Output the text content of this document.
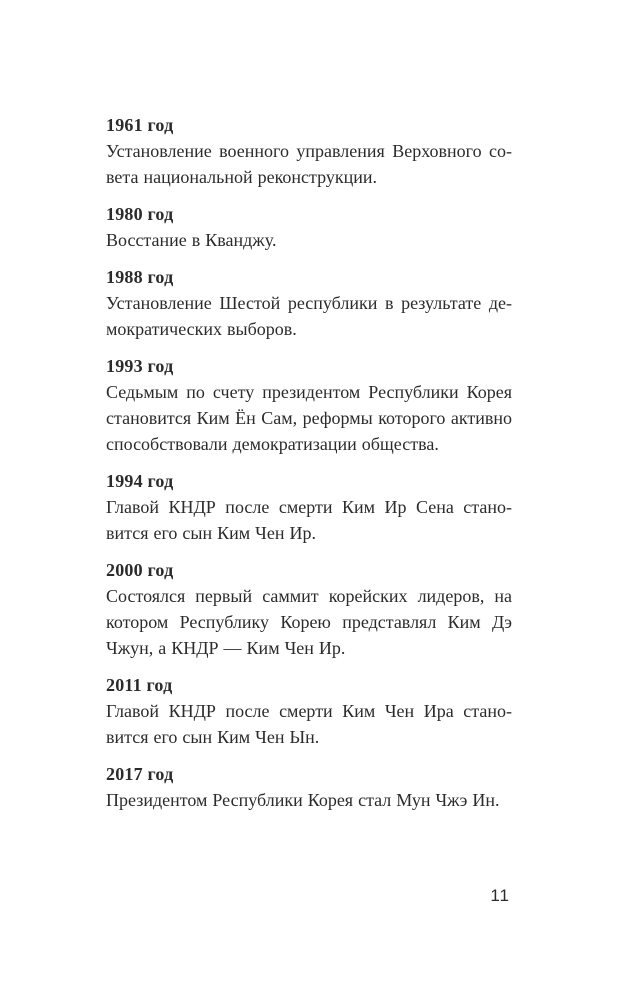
1961 год

Установление военного управления Верховного совета национальной реконструкции.

1980 год

Восстание в Кванджу.

1988 год

Установление Шестой республики в результате демократических выборов.

1993 год

Седьмым по счету президентом Республики Корея становится Ким Ён Сам, реформы которого активно способствовали демократизации общества.

1994 год

Главой КНДР после смерти Ким Ир Сена становится его сын Ким Чен Ир.

2000 год

Состоялся первый саммит корейских лидеров, на котором Республику Корею представлял Ким Дэ Чжун, а КНДР — Ким Чен Ир.

2011 год

Главой КНДР после смерти Ким Чен Ира становится его сын Ким Чен Ын.

2017 год

Президентом Республики Корея стал Мун Чжэ Ин.

11
